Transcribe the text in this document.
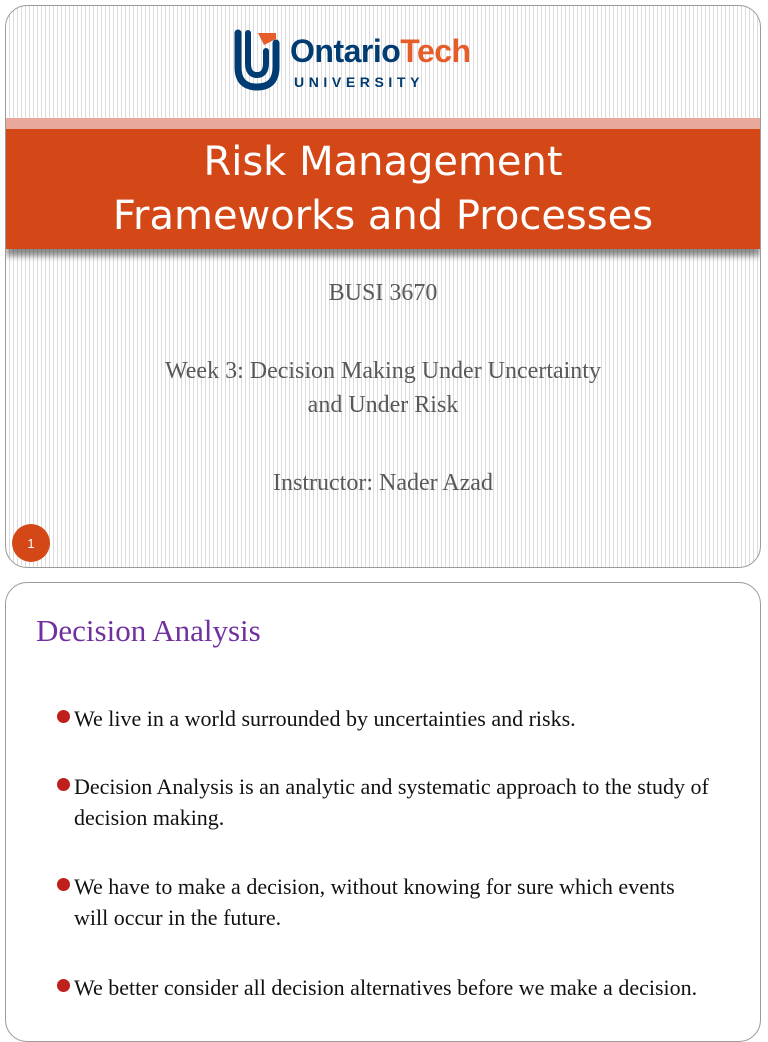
OntarioTech
UNIVERSITY
Risk Management
Frameworks and Processes
BUSI 3670
Week 3: Decision Making Under Uncertainty
and Under Risk
Instructor: Nader Azad
1
Decision Analysis
We live in a world surrounded by uncertainties and risks.
Decision Analysis is an analytic and systematic approach to the study of decision making.
We have to make a decision, without knowing for sure which events will occur in the future.
We better consider all decision alternatives before we make a decision.
